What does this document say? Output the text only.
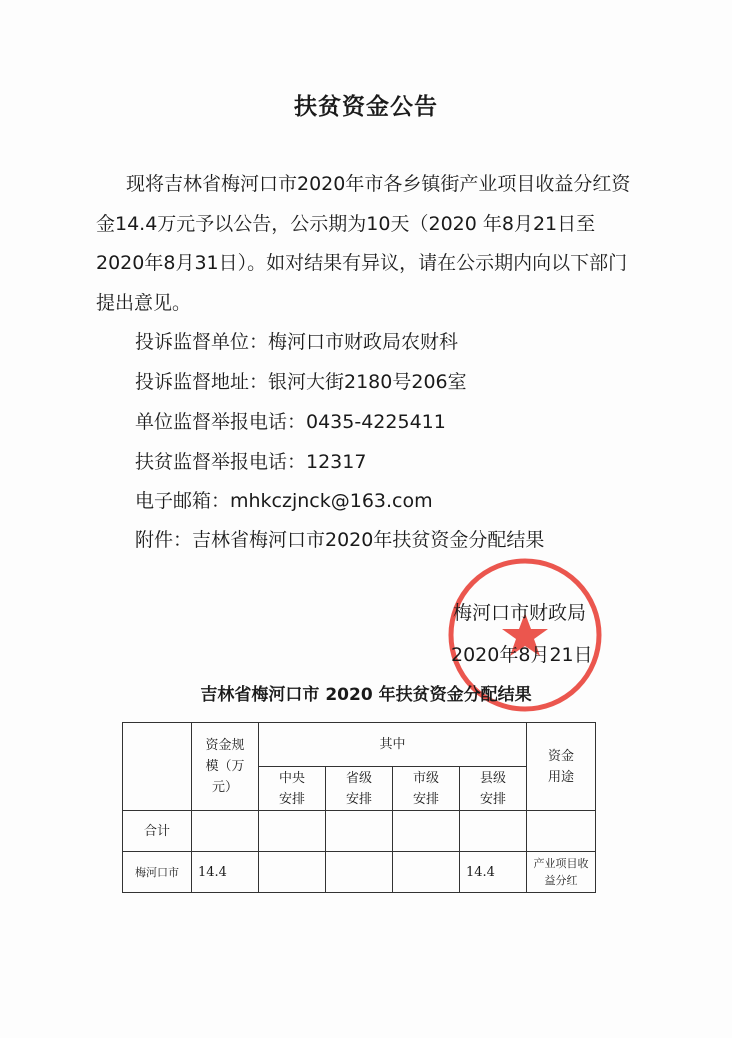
扶贫资金公告
现将吉林省梅河口市2020年市各乡镇街产业项目收益分红资金14.4万元予以公告，公示期为10天（2020 年8月21日至2020年8月31日）。如对结果有异议，请在公示期内向以下部门提出意见。
投诉监督单位：梅河口市财政局农财科
投诉监督地址：银河大街2180号206室
单位监督举报电话：0435-4225411
扶贫监督举报电话：12317
电子邮箱：mhkczjnck@163.com
附件：吉林省梅河口市2020年扶贫资金分配结果
梅河口市财政局
2020年8月21日
吉林省梅河口市 2020 年扶贫资金分配结果

	资金规模（万元）	其中				资金用途

		中央安排	省级安排	市级安排	县级安排	

合计						
梅河口市	14.4				14.4	产业项目收益分红
